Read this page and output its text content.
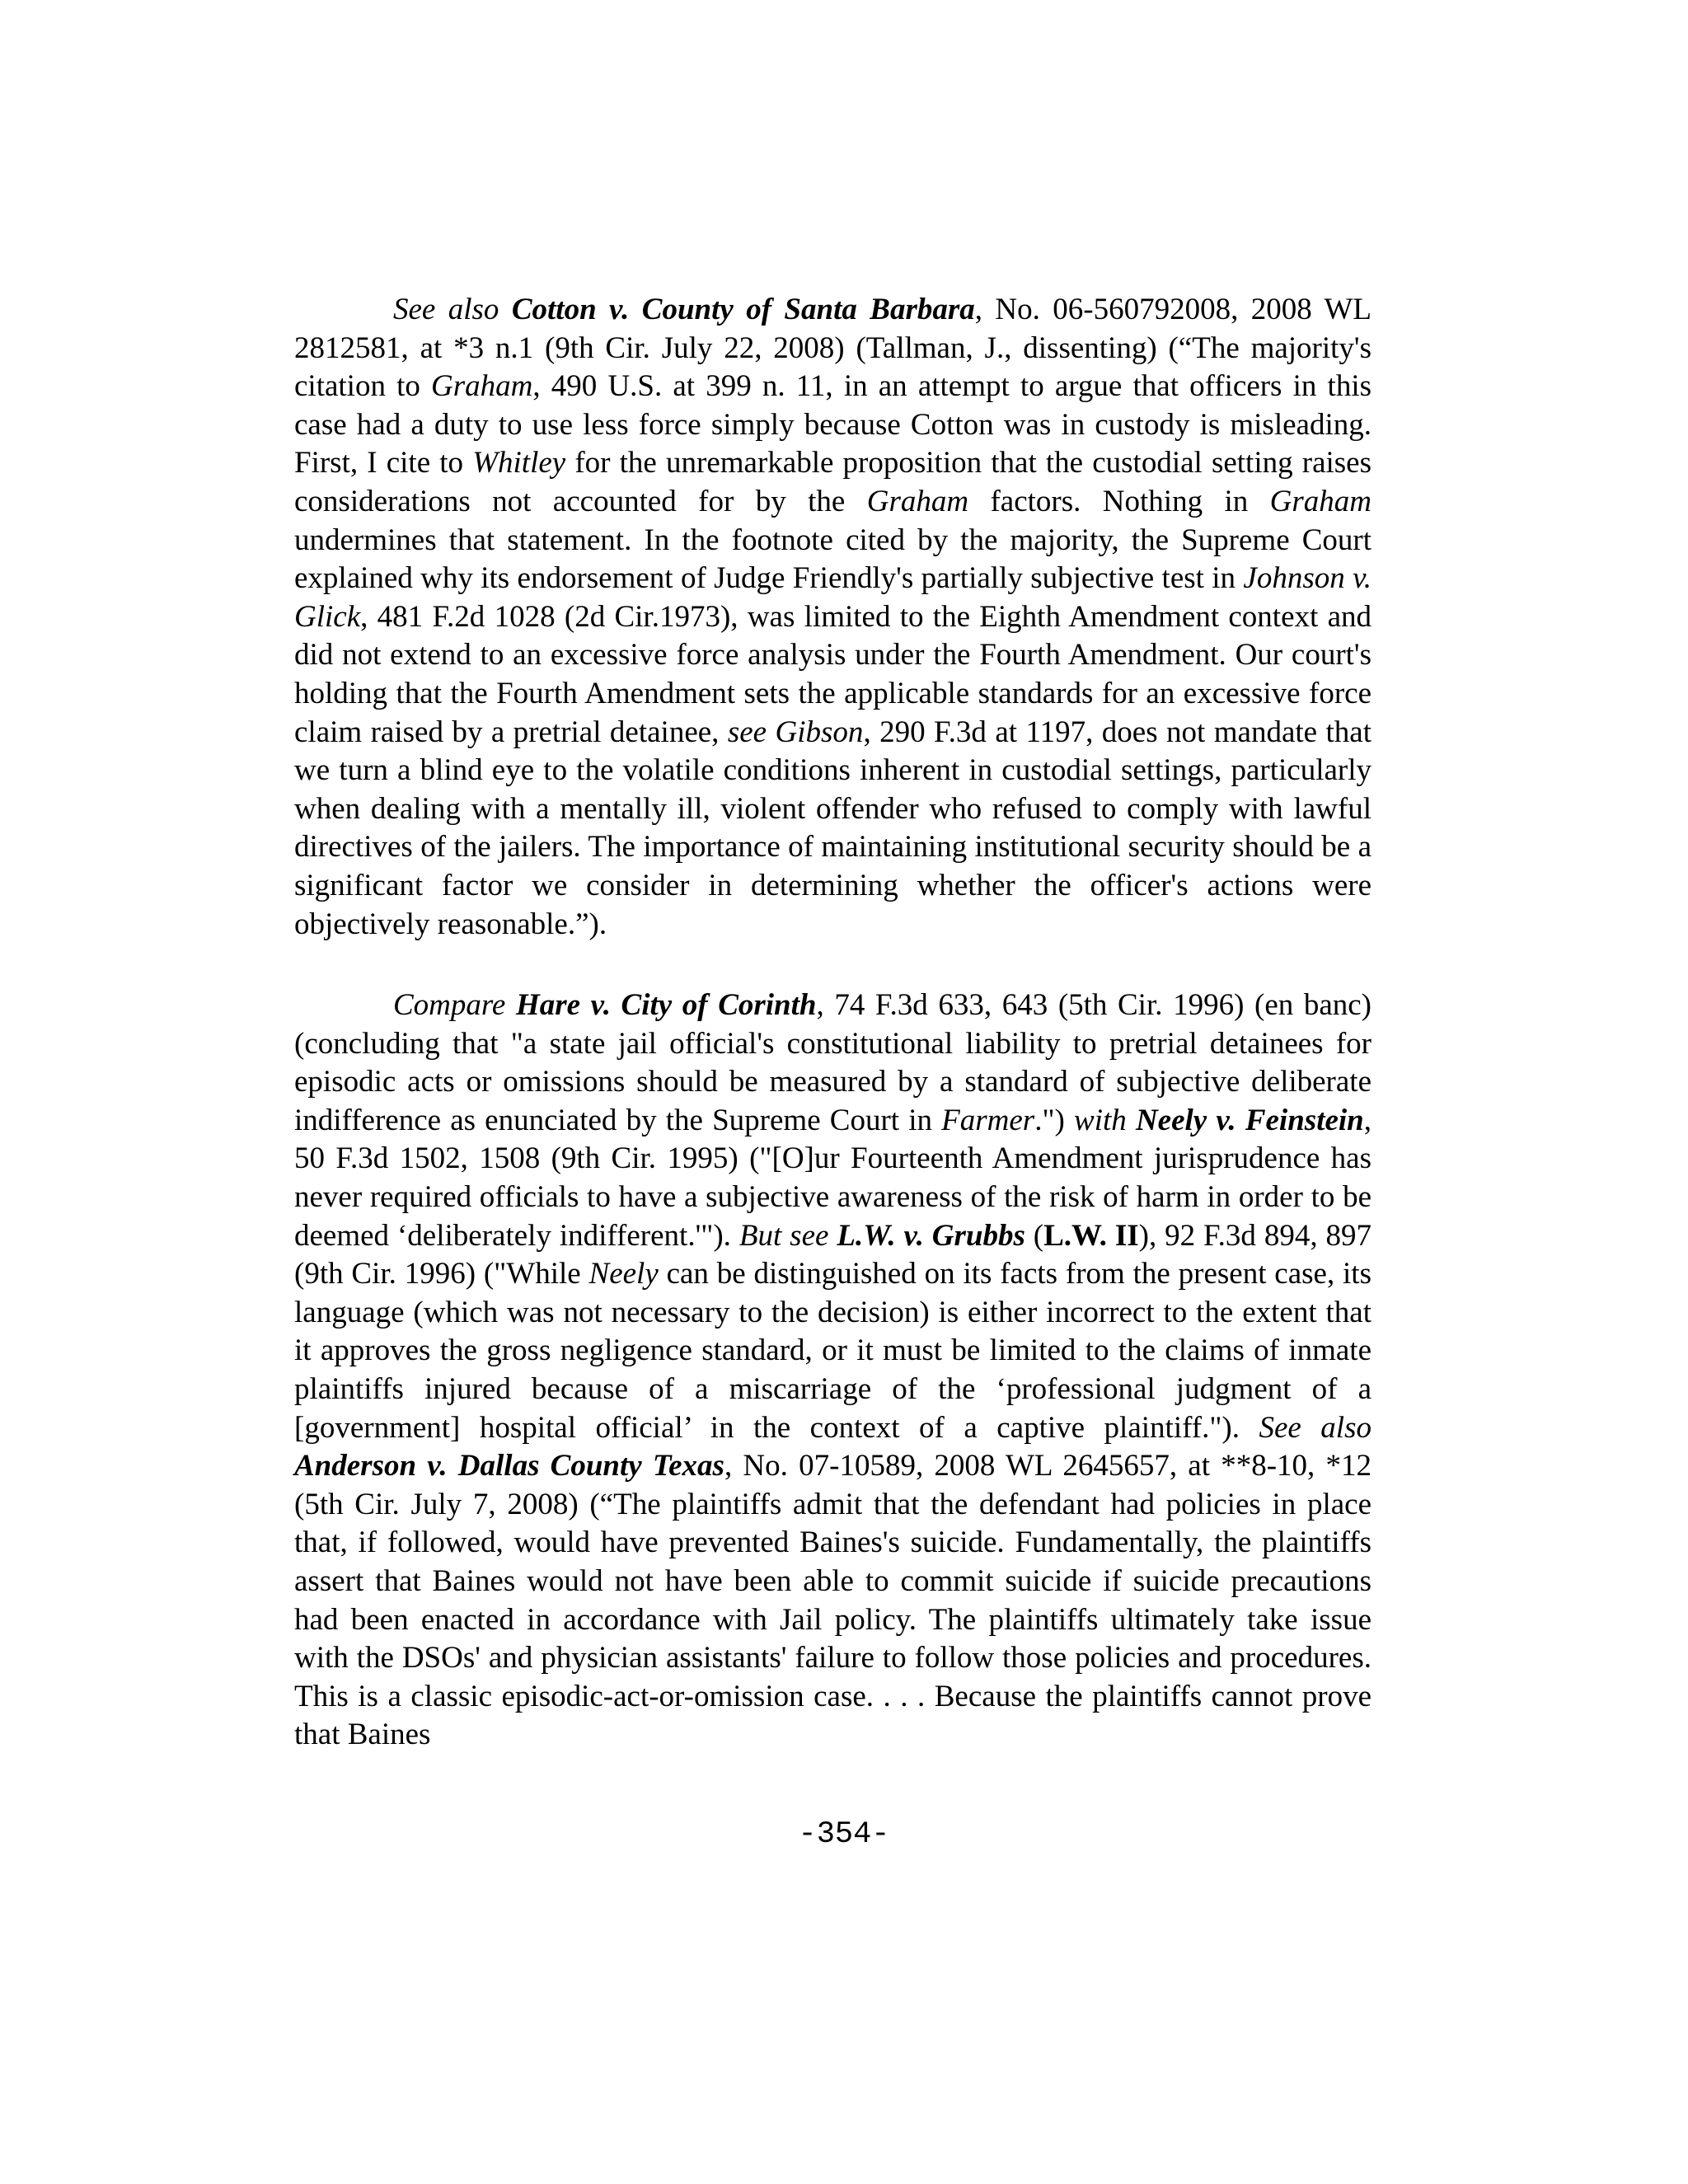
See also Cotton v. County of Santa Barbara, No. 06-560792008, 2008 WL 2812581, at *3 n.1 (9th Cir. July 22, 2008) (Tallman, J., dissenting) (“The majority's citation to Graham, 490 U.S. at 399 n. 11, in an attempt to argue that officers in this case had a duty to use less force simply because Cotton was in custody is misleading. First, I cite to Whitley for the unremarkable proposition that the custodial setting raises considerations not accounted for by the Graham factors. Nothing in Graham undermines that statement. In the footnote cited by the majority, the Supreme Court explained why its endorsement of Judge Friendly's partially subjective test in Johnson v. Glick, 481 F.2d 1028 (2d Cir.1973), was limited to the Eighth Amendment context and did not extend to an excessive force analysis under the Fourth Amendment. Our court's holding that the Fourth Amendment sets the applicable standards for an excessive force claim raised by a pretrial detainee, see Gibson, 290 F.3d at 1197, does not mandate that we turn a blind eye to the volatile conditions inherent in custodial settings, particularly when dealing with a mentally ill, violent offender who refused to comply with lawful directives of the jailers. The importance of maintaining institutional security should be a significant factor we consider in determining whether the officer's actions were objectively reasonable.”).

Compare Hare v. City of Corinth, 74 F.3d 633, 643 (5th Cir. 1996) (en banc) (concluding that "a state jail official's constitutional liability to pretrial detainees for episodic acts or omissions should be measured by a standard of subjective deliberate indifference as enunciated by the Supreme Court in Farmer.") with Neely v. Feinstein, 50 F.3d 1502, 1508 (9th Cir. 1995) ("[O]ur Fourteenth Amendment jurisprudence has never required officials to have a subjective awareness of the risk of harm in order to be deemed ‘deliberately indifferent.'"). But see L.W. v. Grubbs (L.W. II), 92 F.3d 894, 897 (9th Cir. 1996) ("While Neely can be distinguished on its facts from the present case, its language (which was not necessary to the decision) is either incorrect to the extent that it approves the gross negligence standard, or it must be limited to the claims of inmate plaintiffs injured because of a miscarriage of the ‘professional judgment of a [government] hospital official’ in the context of a captive plaintiff."). See also Anderson v. Dallas County Texas, No. 07-10589, 2008 WL 2645657, at **8-10, *12 (5th Cir. July 7, 2008) (“The plaintiffs admit that the defendant had policies in place that, if followed, would have prevented Baines's suicide. Fundamentally, the plaintiffs assert that Baines would not have been able to commit suicide if suicide precautions had been enacted in accordance with Jail policy. The plaintiffs ultimately take issue with the DSOs' and physician assistants' failure to follow those policies and procedures. This is a classic episodic-act-or-omission case. . . . Because the plaintiffs cannot prove that Baines

-354-
